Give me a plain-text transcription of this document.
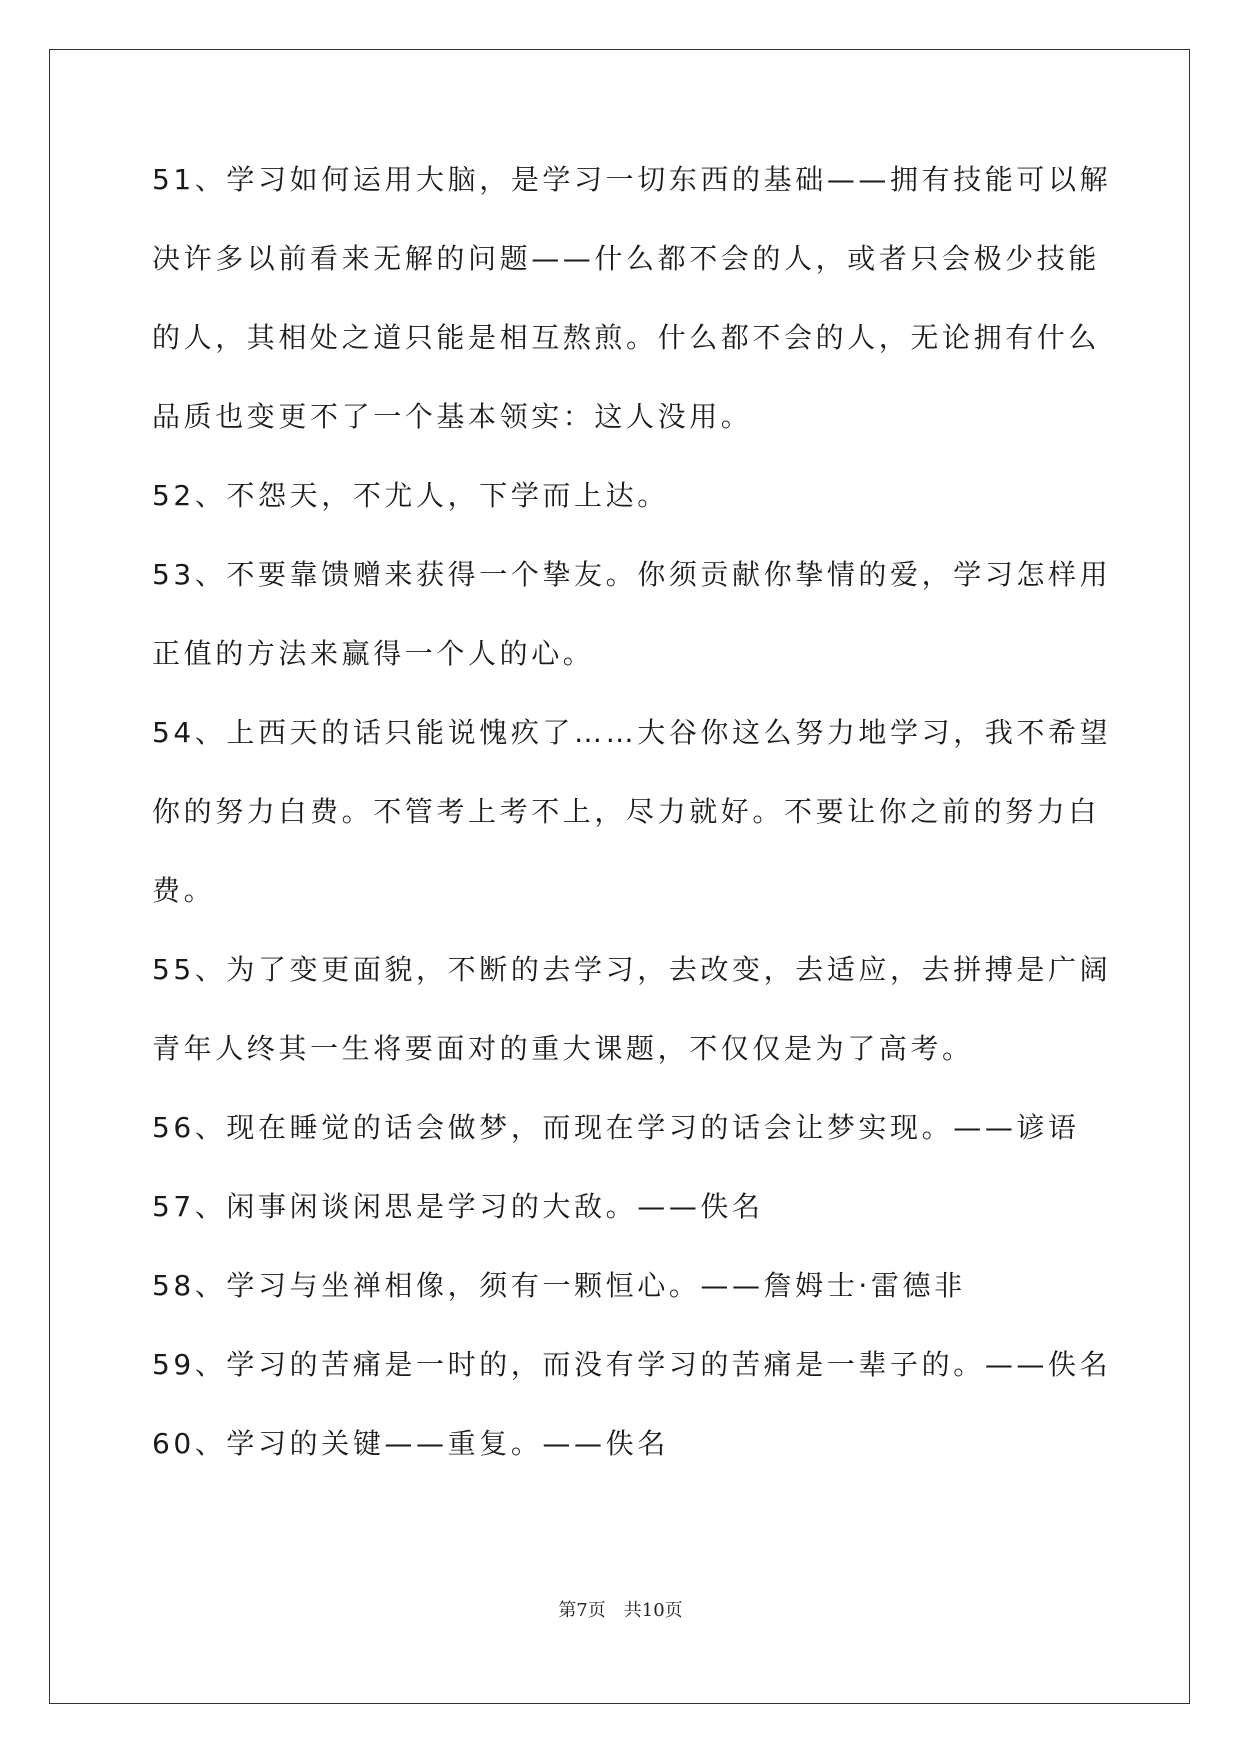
51、学习如何运用大脑，是学习一切东西的基础——拥有技能可以解
决许多以前看来无解的问题——什么都不会的人，或者只会极少技能
的人，其相处之道只能是相互熬煎。什么都不会的人，无论拥有什么
品质也变更不了一个基本领实：这人没用。
52、不怨天，不尤人，下学而上达。
53、不要靠馈赠来获得一个挚友。你须贡献你挚情的爱，学习怎样用
正值的方法来赢得一个人的心。
54、上西天的话只能说愧疚了……大谷你这么努力地学习，我不希望
你的努力白费。不管考上考不上，尽力就好。不要让你之前的努力白
费。
55、为了变更面貌，不断的去学习，去改变，去适应，去拼搏是广阔
青年人终其一生将要面对的重大课题，不仅仅是为了高考。
56、现在睡觉的话会做梦，而现在学习的话会让梦实现。——谚语
57、闲事闲谈闲思是学习的大敌。——佚名
58、学习与坐禅相像，须有一颗恒心。——詹姆士·雷德非
59、学习的苦痛是一时的，而没有学习的苦痛是一辈子的。——佚名
60、学习的关键——重复。——佚名
第7页　共10页
